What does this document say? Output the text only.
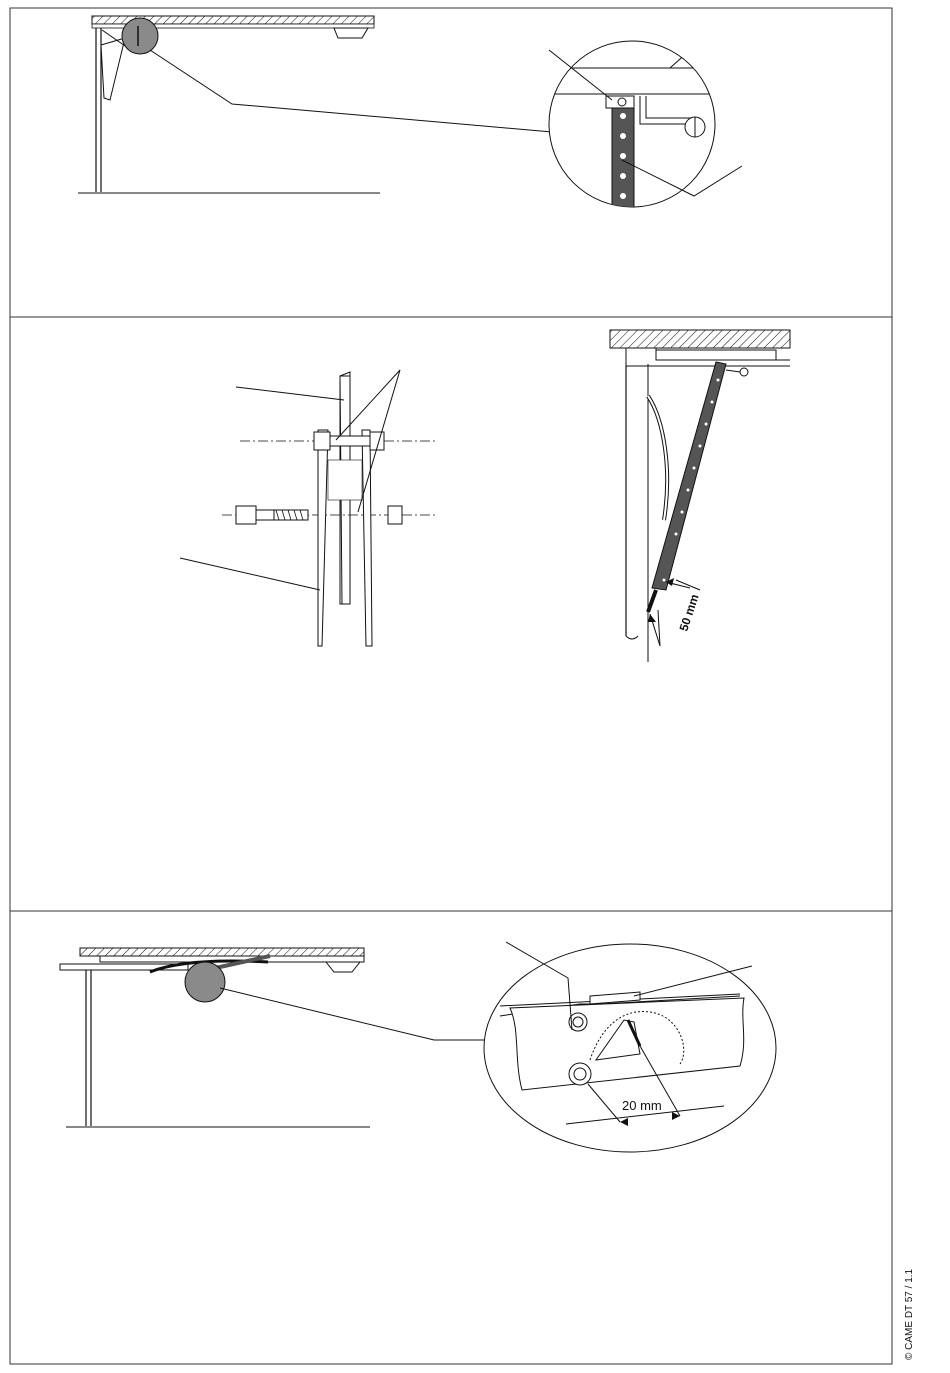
50 mm
20 mm
© CAME DT 57 / 1.1
